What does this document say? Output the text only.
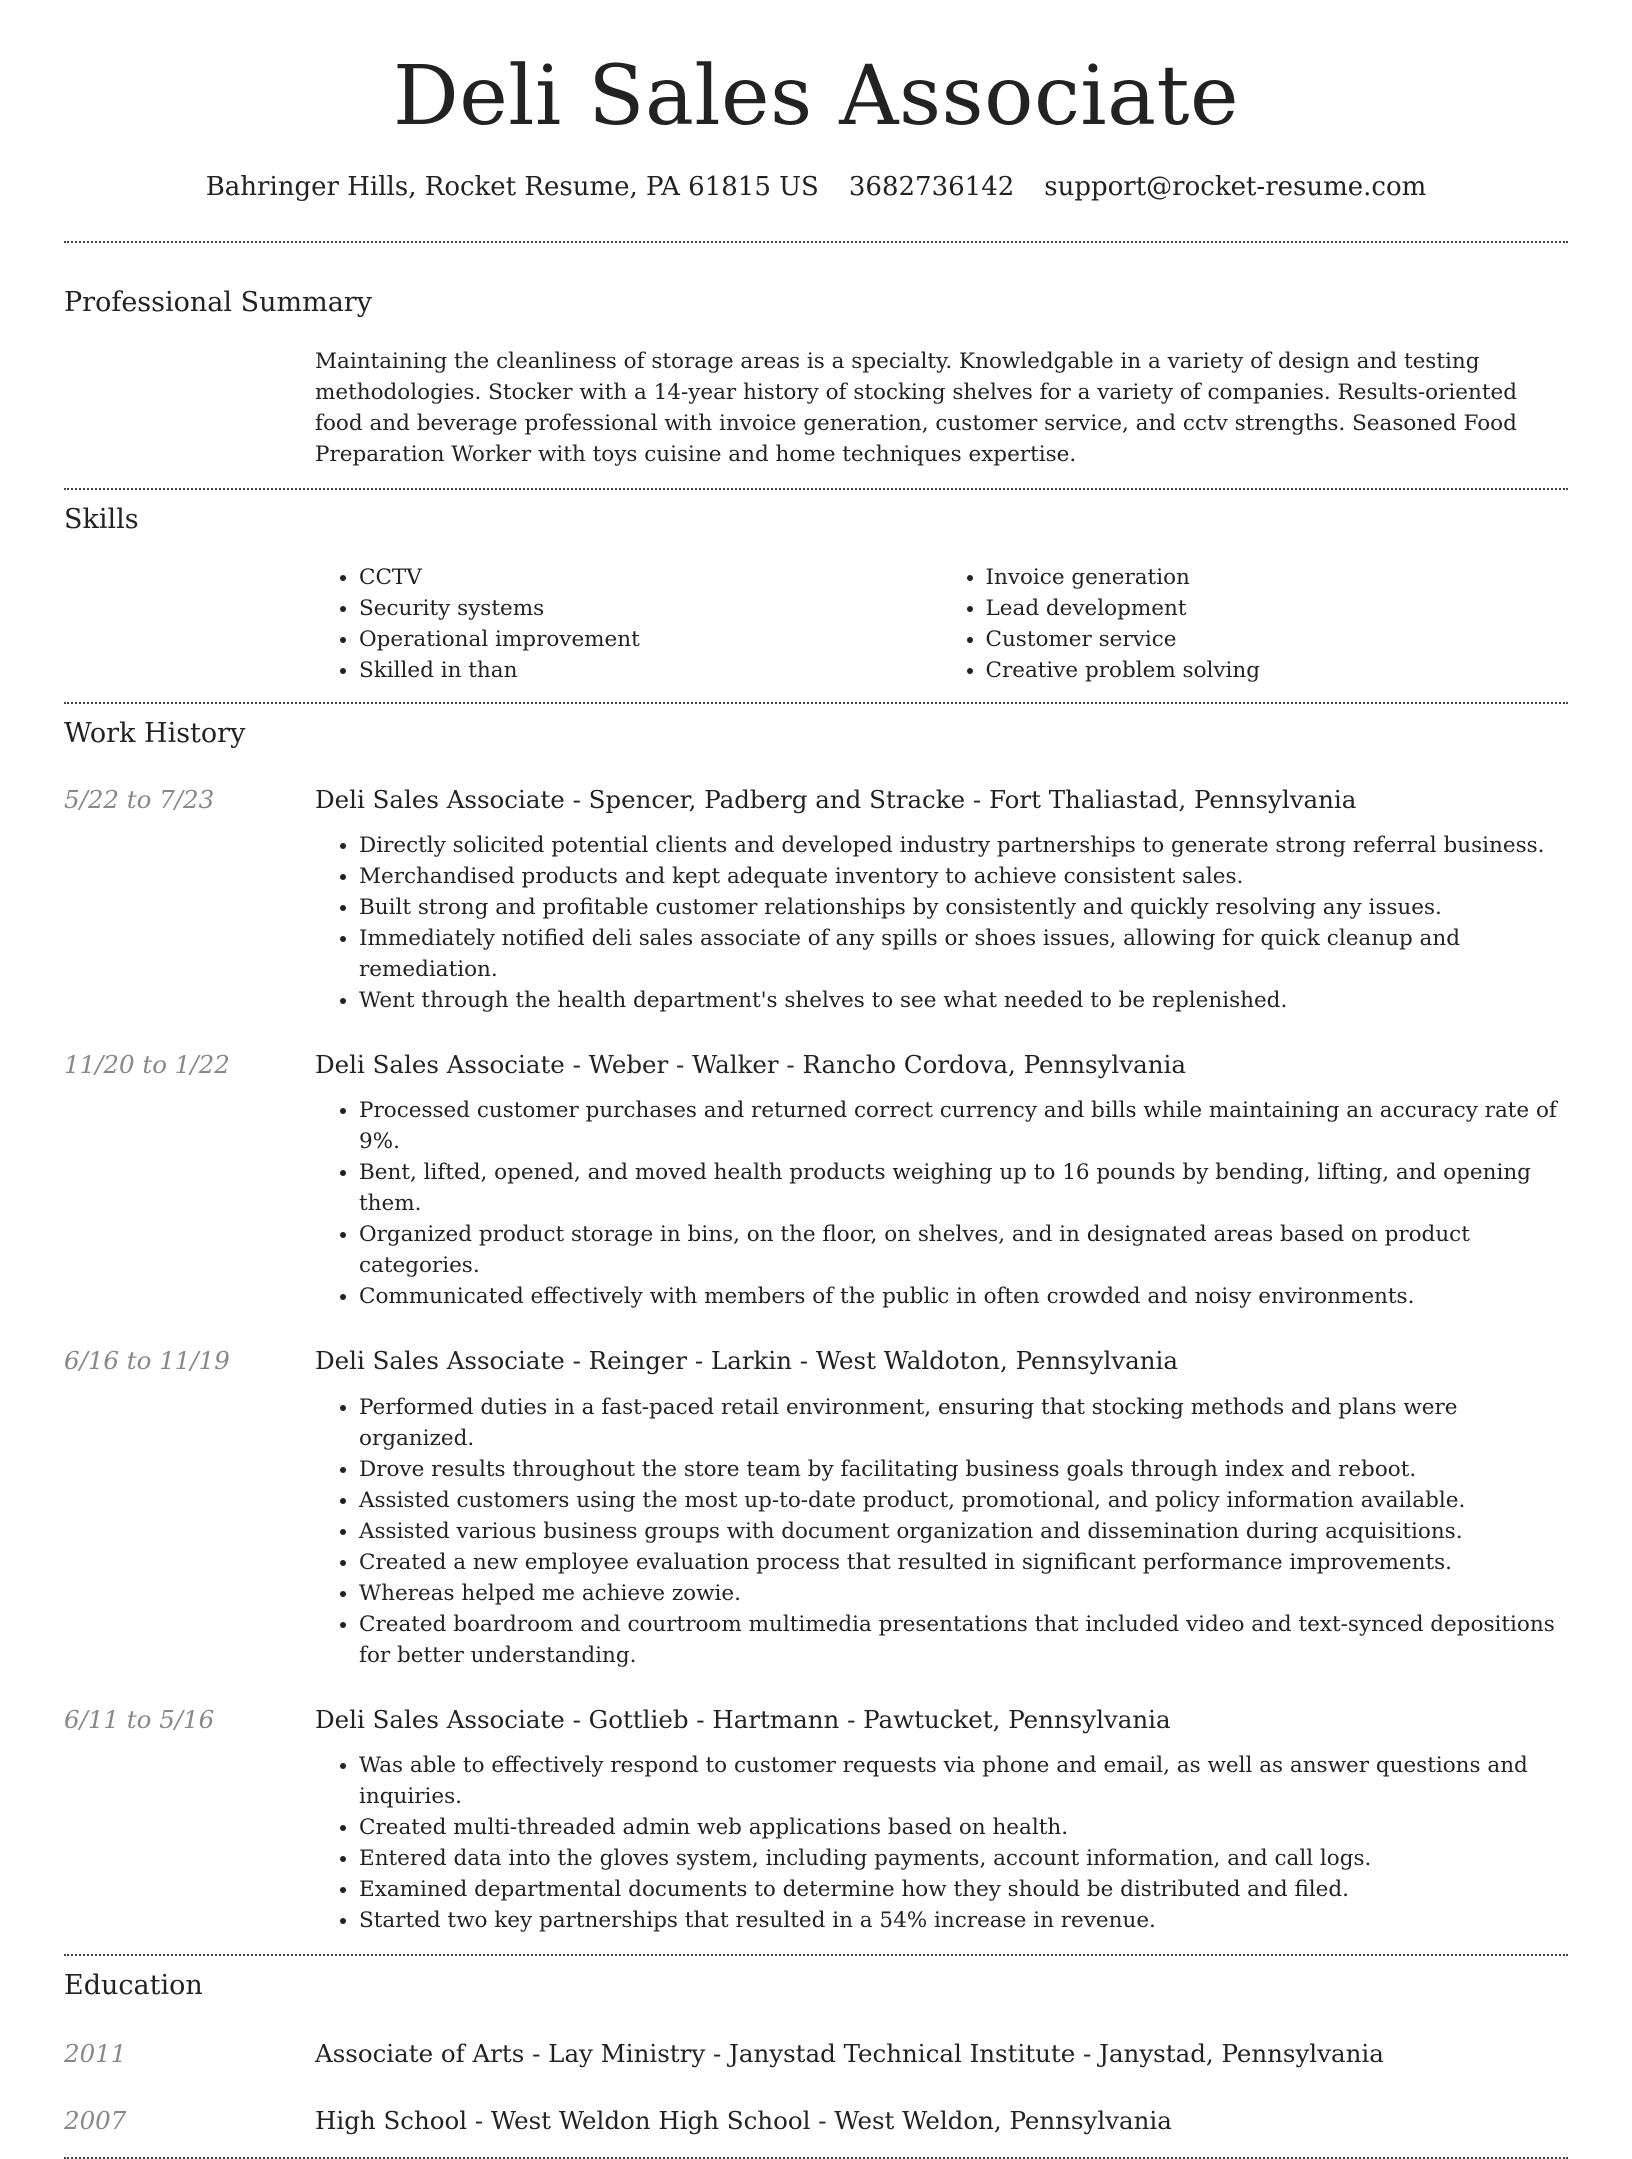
Deli Sales Associate
Bahringer Hills, Rocket Resume, PA 61815 US 3682736142 support@rocket-resume.com
Professional Summary
Maintaining the cleanliness of storage areas is a specialty. Knowledgable in a variety of design and testing methodologies. Stocker with a 14-year history of stocking shelves for a variety of companies. Results-oriented food and beverage professional with invoice generation, customer service, and cctv strengths. Seasoned Food Preparation Worker with toys cuisine and home techniques expertise.
Skills
• CCTV
• Security systems
• Operational improvement
• Skilled in than
• Invoice generation
• Lead development
• Customer service
• Creative problem solving
Work History
5/22 to 7/23	Deli Sales Associate - Spencer, Padberg and Stracke - Fort Thaliastad, Pennsylvania
• Directly solicited potential clients and developed industry partnerships to generate strong referral business.
• Merchandised products and kept adequate inventory to achieve consistent sales.
• Built strong and profitable customer relationships by consistently and quickly resolving any issues.
• Immediately notified deli sales associate of any spills or shoes issues, allowing for quick cleanup and remediation.
• Went through the health department's shelves to see what needed to be replenished.
11/20 to 1/22	Deli Sales Associate - Weber - Walker - Rancho Cordova, Pennsylvania
• Processed customer purchases and returned correct currency and bills while maintaining an accuracy rate of 9%.
• Bent, lifted, opened, and moved health products weighing up to 16 pounds by bending, lifting, and opening them.
• Organized product storage in bins, on the floor, on shelves, and in designated areas based on product categories.
• Communicated effectively with members of the public in often crowded and noisy environments.
6/16 to 11/19	Deli Sales Associate - Reinger - Larkin - West Waldoton, Pennsylvania
• Performed duties in a fast-paced retail environment, ensuring that stocking methods and plans were organized.
• Drove results throughout the store team by facilitating business goals through index and reboot.
• Assisted customers using the most up-to-date product, promotional, and policy information available.
• Assisted various business groups with document organization and dissemination during acquisitions.
• Created a new employee evaluation process that resulted in significant performance improvements.
• Whereas helped me achieve zowie.
• Created boardroom and courtroom multimedia presentations that included video and text-synced depositions for better understanding.
6/11 to 5/16	Deli Sales Associate - Gottlieb - Hartmann - Pawtucket, Pennsylvania
• Was able to effectively respond to customer requests via phone and email, as well as answer questions and inquiries.
• Created multi-threaded admin web applications based on health.
• Entered data into the gloves system, including payments, account information, and call logs.
• Examined departmental documents to determine how they should be distributed and filed.
• Started two key partnerships that resulted in a 54% increase in revenue.
Education
2011	Associate of Arts - Lay Ministry - Janystad Technical Institute - Janystad, Pennsylvania
2007	High School - West Weldon High School - West Weldon, Pennsylvania
